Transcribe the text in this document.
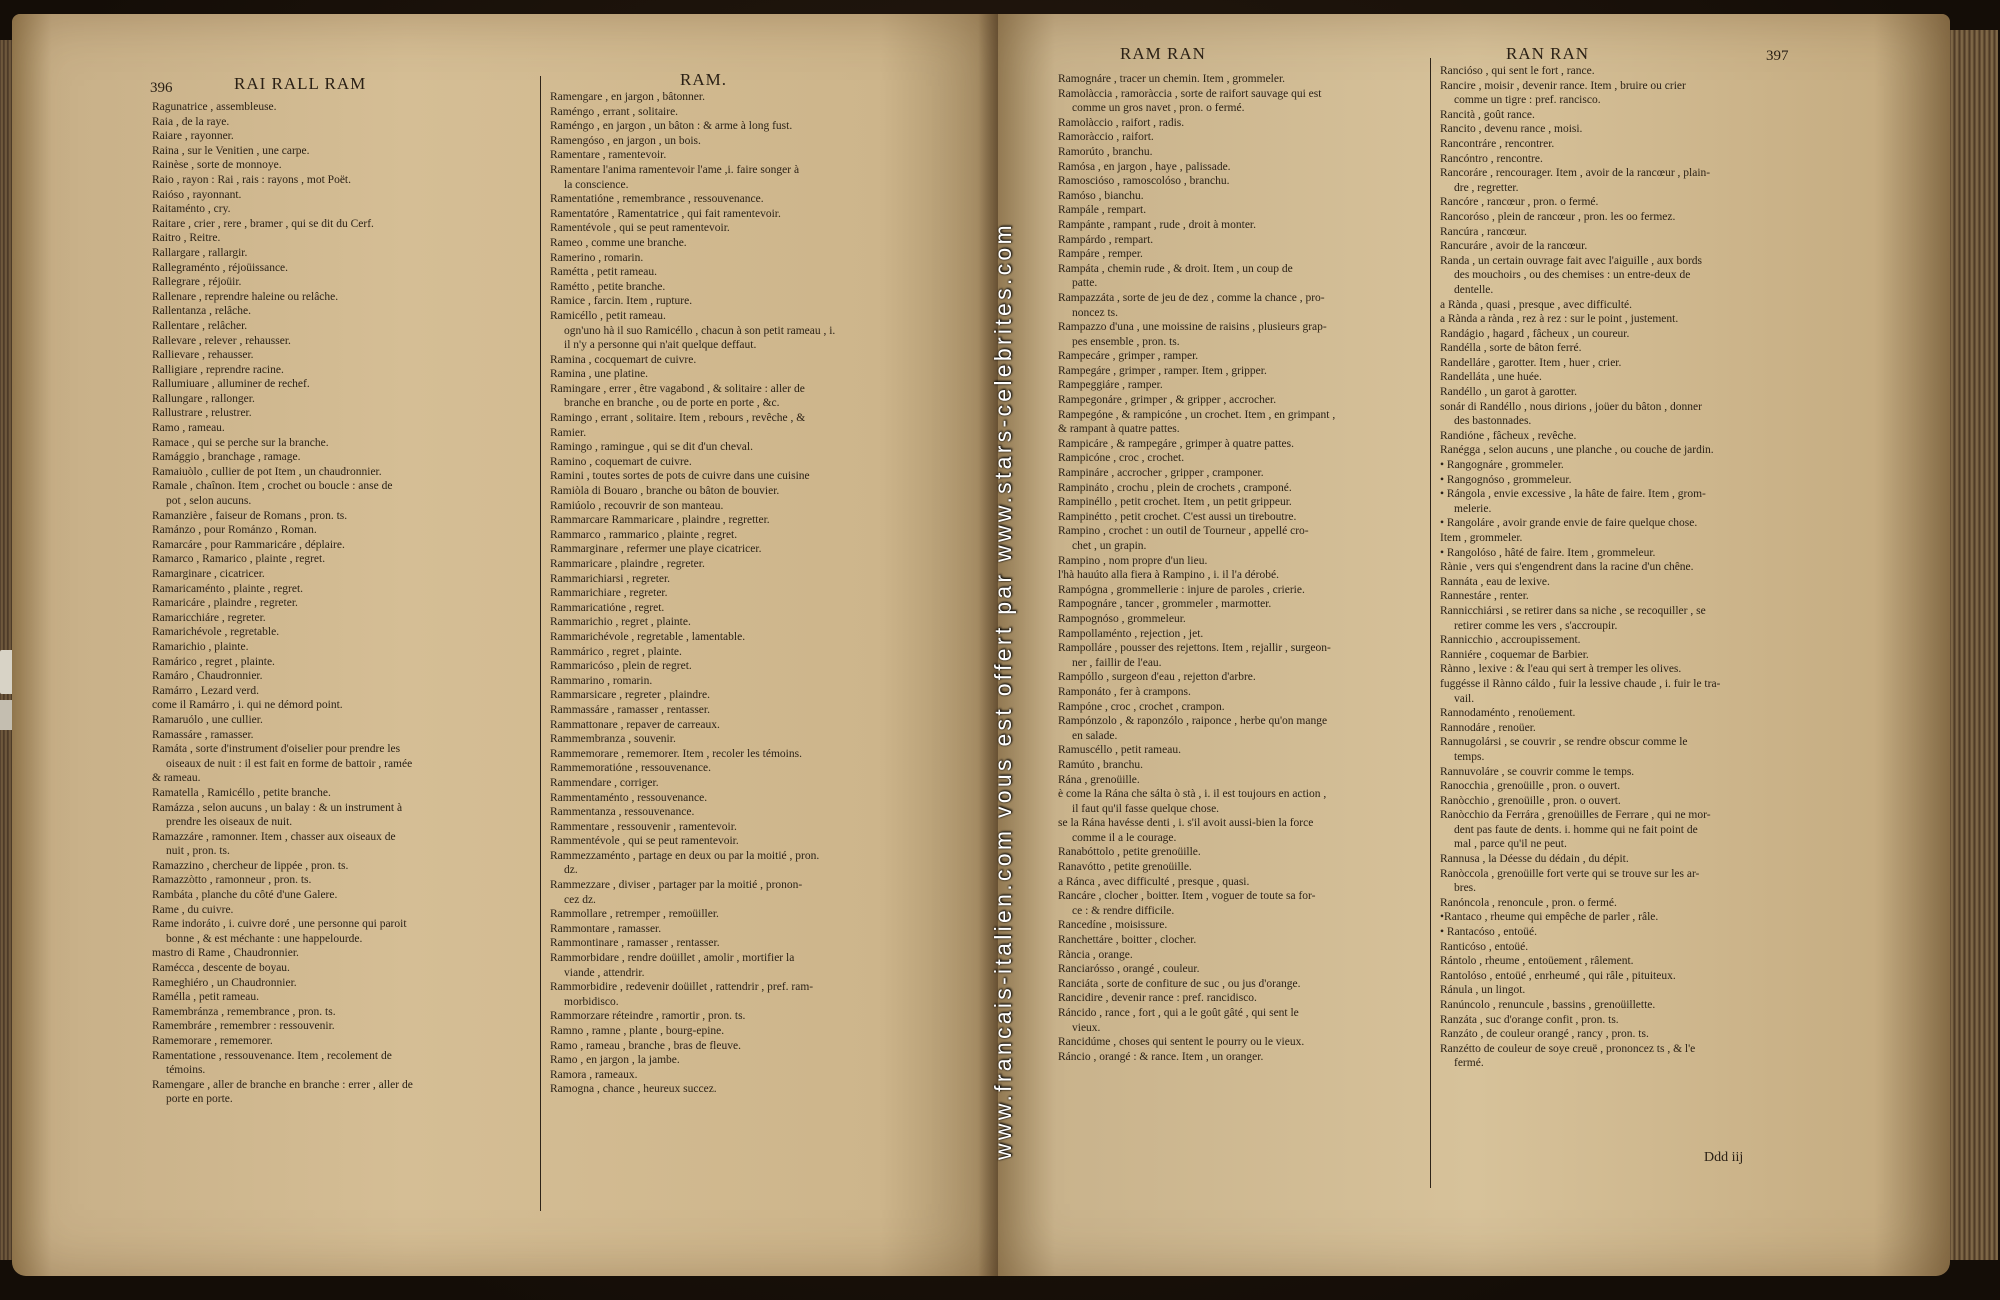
396	RAI RALL RAM	RAM.
Ragunatrice , assembleuse.
Raia , de la raye.
Raiare , rayonner.
Raina , sur le Venitien , une carpe.
Rainèse , sorte de monnoye.
Raio , rayon : Rai , rais : rayons , mot Poët.
Raióso , rayonnant.
Raitaménto , cry.
Raitare , crier , rere , bramer , qui se dit du Cerf.
Raitro , Reitre.
Rallargare , rallargir.
Rallegraménto , réjoüissance.
Rallegrare , réjoüir.
Rallenare , reprendre haleine ou relâche.
Rallentanza , relâche.
Rallentare , relâcher.
Rallevare , relever , rehausser.
Rallievare , rehausser.
Ralligiare , reprendre racine.
Rallumiuare , alluminer de rechef.
Rallungare , rallonger.
Rallustrare , relustrer.
Ramo , rameau.
Ramace , qui se perche sur la branche.
Ramággio , branchage , ramage.
Ramaiuòlo , cullier de pot Item , un chaudronnier.
Ramale , chaînon. Item , crochet ou boucle : anse de
pot , selon aucuns.
Ramanzière , faiseur de Romans , pron. ts.
Ramánzo , pour Románzo , Roman.
Ramarcáre , pour Rammaricáre , déplaire.
Ramarco , Ramarico , plainte , regret.
Ramarginare , cicatricer.
Ramaricaménto , plainte , regret.
Ramaricáre , plaindre , regreter.
Ramaricchiáre , regreter.
Ramarichévole , regretable.
Ramarichio , plainte.
Ramárico , regret , plainte.
Ramáro , Chaudronnier.
Ramárro , Lezard verd.
come il Ramárro , i. qui ne démord point.
Ramaruólo , une cullier.
Ramassáre , ramasser.
Ramáta , sorte d'instrument d'oiselier pour prendre les
oiseaux de nuit : il est fait en forme de battoir , ramée
& rameau.
Ramatella , Ramicéllo , petite branche.
Ramázza , selon aucuns , un balay : & un instrument à
prendre les oiseaux de nuit.
Ramazzáre , ramonner. Item , chasser aux oiseaux de
nuit , pron. ts.
Ramazzino , chercheur de lippée , pron. ts.
Ramazzòtto , ramonneur , pron. ts.
Rambáta , planche du côté d'une Galere.
Rame , du cuivre.
Rame indoráto , i. cuivre doré , une personne qui paroit
bonne , & est méchante : une happelourde.
mastro di Rame , Chaudronnier.
Ramécca , descente de boyau.
Rameghiéro , un Chaudronnier.
Ramélla , petit rameau.
Ramembránza , remembrance , pron. ts.
Ramembráre , remembrer : ressouvenir.
Ramemorare , rememorer.
Ramentatione , ressouvenance. Item , recolement de
témoins.
Ramengare , aller de branche en branche : errer , aller de
porte en porte.
Ramengare , en jargon , bâtonner.
Raméngo , errant , solitaire.
Raméngo , en jargon , un bâton : & arme à long fust.
Ramengóso , en jargon , un bois.
Ramentare , ramentevoir.
Ramentare l'anima ramentevoir l'ame ,i. faire songer à
la conscience.
Ramentatióne , remembrance , ressouvenance.
Ramentatóre , Ramentatrice , qui fait ramentevoir.
Ramentévole , qui se peut ramentevoir.
Rameo , comme une branche.
Ramerino , romarin.
Ramétta , petit rameau.
Ramétto , petite branche.
Ramice , farcin. Item , rupture.
Ramicéllo , petit rameau.
ogn'uno hà il suo Ramicéllo , chacun à son petit rameau , i.
il n'y a personne qui n'ait quelque deffaut.
Ramina , cocquemart de cuivre.
Ramina , une platine.
Ramingare , errer , être vagabond , & solitaire : aller de
branche en branche , ou de porte en porte , &c.
Ramingo , errant , solitaire. Item , rebours , revêche , &
Ramier.
Ramingo , ramingue , qui se dit d'un cheval.
Ramino , coquemart de cuivre.
Ramini , toutes sortes de pots de cuivre dans une cuisine
Ramiòla di Bouaro , branche ou bâton de bouvier.
Ramiúolo , recouvrir de son manteau.
Rammarcare Rammaricare , plaindre , regretter.
Rammarco , rammarico , plainte , regret.
Rammarginare , refermer une playe cicatricer.
Rammaricare , plaindre , regreter.
Rammarichiarsi , regreter.
Rammarichiare , regreter.
Rammaricatióne , regret.
Rammarichio , regret , plainte.
Rammarichévole , regretable , lamentable.
Rammárico , regret , plainte.
Rammaricóso , plein de regret.
Rammarino , romarin.
Rammarsicare , regreter , plaindre.
Rammassáre , ramasser , rentasser.
Rammattonare , repaver de carreaux.
Rammembranza , souvenir.
Rammemorare , rememorer. Item , recoler les témoins.
Rammemoratióne , ressouvenance.
Rammendare , corriger.
Rammentaménto , ressouvenance.
Rammentanza , ressouvenance.
Rammentare , ressouvenir , ramentevoir.
Rammentévole , qui se peut ramentevoir.
Rammezzaménto , partage en deux ou par la moitié , pron.
dz.
Rammezzare , diviser , partager par la moitié , pronon-
cez dz.
Rammollare , retremper , remoüiller.
Rammontare , ramasser.
Rammontinare , ramasser , rentasser.
Rammorbidare , rendre doüillet , amolir , mortifier la
viande , attendrir.
Rammorbidire , redevenir doüillet , rattendrir , pref. ram-
morbidisco.
Rammorzare réteindre , ramortir , pron. ts.
Ramno , ramne , plante , bourg-epine.
Ramo , rameau , branche , bras de fleuve.
Ramo , en jargon , la jambe.
Ramora , rameaux.
Ramogna , chance , heureux succez.
RAM RAN	RAN RAN	397
Ramognáre , tracer un chemin. Item , grommeler.
Ramolàccia , ramoràccia , sorte de raifort sauvage qui est
comme un gros navet , pron. o fermé.
Ramolàccio , raifort , radis.
Ramoràccio , raifort.
Ramorúto , branchu.
Ramósa , en jargon , haye , palissade.
Ramoscióso , ramoscolóso , branchu.
Ramóso , bianchu.
Rampále , rempart.
Rampánte , rampant , rude , droit à monter.
Rampárdo , rempart.
Rampáre , remper.
Rampáta , chemin rude , & droit. Item , un coup de
patte.
Rampazzáta , sorte de jeu de dez , comme la chance , pro-
noncez ts.
Rampazzo d'una , une moissine de raisins , plusieurs grap-
pes ensemble , pron. ts.
Rampecáre , grimper , ramper.
Rampegáre , grimper , ramper. Item , gripper.
Rampeggiáre , ramper.
Rampegonáre , grimper , & gripper , accrocher.
Rampegóne , & rampicóne , un crochet. Item , en grimpant ,
& rampant à quatre pattes.
Rampicáre , & rampegáre , grimper à quatre pattes.
Rampicóne , croc , crochet.
Rampináre , accrocher , gripper , cramponer.
Rampináto , crochu , plein de crochets , cramponé.
Rampinéllo , petit crochet. Item , un petit grippeur.
Rampinétto , petit crochet. C'est aussi un tireboutre.
Rampino , crochet : un outil de Tourneur , appellé cro-
chet , un grapin.
Rampino , nom propre d'un lieu.
l'hà hauúto alla fiera à Rampino , i. il l'a dérobé.
Rampógna , grommellerie : injure de paroles , crierie.
Rampognáre , tancer , grommeler , marmotter.
Rampognóso , grommeleur.
Rampollaménto , rejection , jet.
Rampolláre , pousser des rejettons. Item , rejallir , surgeon-
ner , faillir de l'eau.
Rampóllo , surgeon d'eau , rejetton d'arbre.
Ramponáto , fer à crampons.
Rampóne , croc , crochet , crampon.
Rampónzolo , & raponzólo , raiponce , herbe qu'on mange
en salade.
Ramuscéllo , petit rameau.
Ramúto , branchu.
Rána , grenoüille.
è come la Rána che sálta ò stà , i. il est toujours en action ,
il faut qu'il fasse quelque chose.
se la Rána havésse denti , i. s'il avoit aussi-bien la force
comme il a le courage.
Ranabóttolo , petite grenoüille.
Ranavótto , petite grenoüille.
a Ránca , avec difficulté , presque , quasi.
Rancáre , clocher , boitter. Item , voguer de toute sa for-
ce : & rendre difficile.
Rancedíne , moisissure.
Ranchettáre , boitter , clocher.
Rància , orange.
Ranciarósso , orangé , couleur.
Ranciáta , sorte de confiture de suc , ou jus d'orange.
Rancidire , devenir rance : pref. rancidisco.
Ráncido , rance , fort , qui a le goût gâté , qui sent le
vieux.
Rancidúme , choses qui sentent le pourry ou le vieux.
Ráncio , orangé : & rance. Item , un oranger.
Rancióso , qui sent le fort , rance.
Rancire , moisir , devenir rance. Item , bruire ou crier
comme un tigre : pref. rancisco.
Rancità , goût rance.
Rancito , devenu rance , moisi.
Rancontráre , rencontrer.
Rancóntro , rencontre.
Rancoráre , rencourager. Item , avoir de la rancœur , plain-
dre , regretter.
Rancóre , rancœur , pron. o fermé.
Rancoróso , plein de rancœur , pron. les oo fermez.
Rancúra , rancœur.
Rancuráre , avoir de la rancœur.
Randa , un certain ouvrage fait avec l'aiguille , aux bords
des mouchoirs , ou des chemises : un entre-deux de
dentelle.
a Rànda , quasi , presque , avec difficulté.
a Rànda a rànda , rez à rez : sur le point , justement.
Randágio , hagard , fâcheux , un coureur.
Randélla , sorte de bâton ferré.
Randelláre , garotter. Item , huer , crier.
Randelláta , une huée.
Randéllo , un garot à garotter.
sonár di Randéllo , nous dirions , joüer du bâton , donner
des bastonnades.
Randióne , fâcheux , revêche.
Ranégga , selon aucuns , une planche , ou couche de jardin.
• Rangognáre , grommeler.
• Rangognóso , grommeleur.
• Rángola , envie excessive , la hâte de faire. Item , grom-
melerie.
• Rangoláre , avoir grande envie de faire quelque chose.
Item , grommeler.
• Rangolóso , hâté de faire. Item , grommeleur.
Rànie , vers qui s'engendrent dans la racine d'un chêne.
Rannáta , eau de lexive.
Rannestáre , renter.
Rannicchiársi , se retirer dans sa niche , se recoquiller , se
retirer comme les vers , s'accroupir.
Rannicchio , accroupissement.
Ranniére , coquemar de Barbier.
Rànno , lexive : & l'eau qui sert à tremper les olives.
fuggésse il Rànno cáldo , fuir la lessive chaude , i. fuir le tra-
vail.
Rannodaménto , renoüement.
Rannodáre , renoüer.
Rannugolársi , se couvrir , se rendre obscur comme le
temps.
Rannuvoláre , se couvrir comme le temps.
Ranocchia , grenoüille , pron. o ouvert.
Ranòcchio , grenoüille , pron. o ouvert.
Ranòcchio da Ferrára , grenoüilles de Ferrare , qui ne mor-
dent pas faute de dents. i. homme qui ne fait point de
mal , parce qu'il ne peut.
Rannusa , la Déesse du dédain , du dépit.
Ranòccola , grenoüille fort verte qui se trouve sur les ar-
bres.
Ranóncola , renoncule , pron. o fermé.
•Rantaco , rheume qui empêche de parler , râle.
• Rantacóso , entoüé.
Ranticóso , entoüé.
Rántolo , rheume , entoüement , râlement.
Rantolóso , entoüé , enrheumé , qui râle , pituiteux.
Ránula , un lingot.
Ranúncolo , renuncule , bassins , grenoüillette.
Ranzáta , suc d'orange confit , pron. ts.
Ranzáto , de couleur orangé , rancy , pron. ts.
Ranzétto de couleur de soye creuë , prononcez ts , & l'e
fermé.
Ddd iij
